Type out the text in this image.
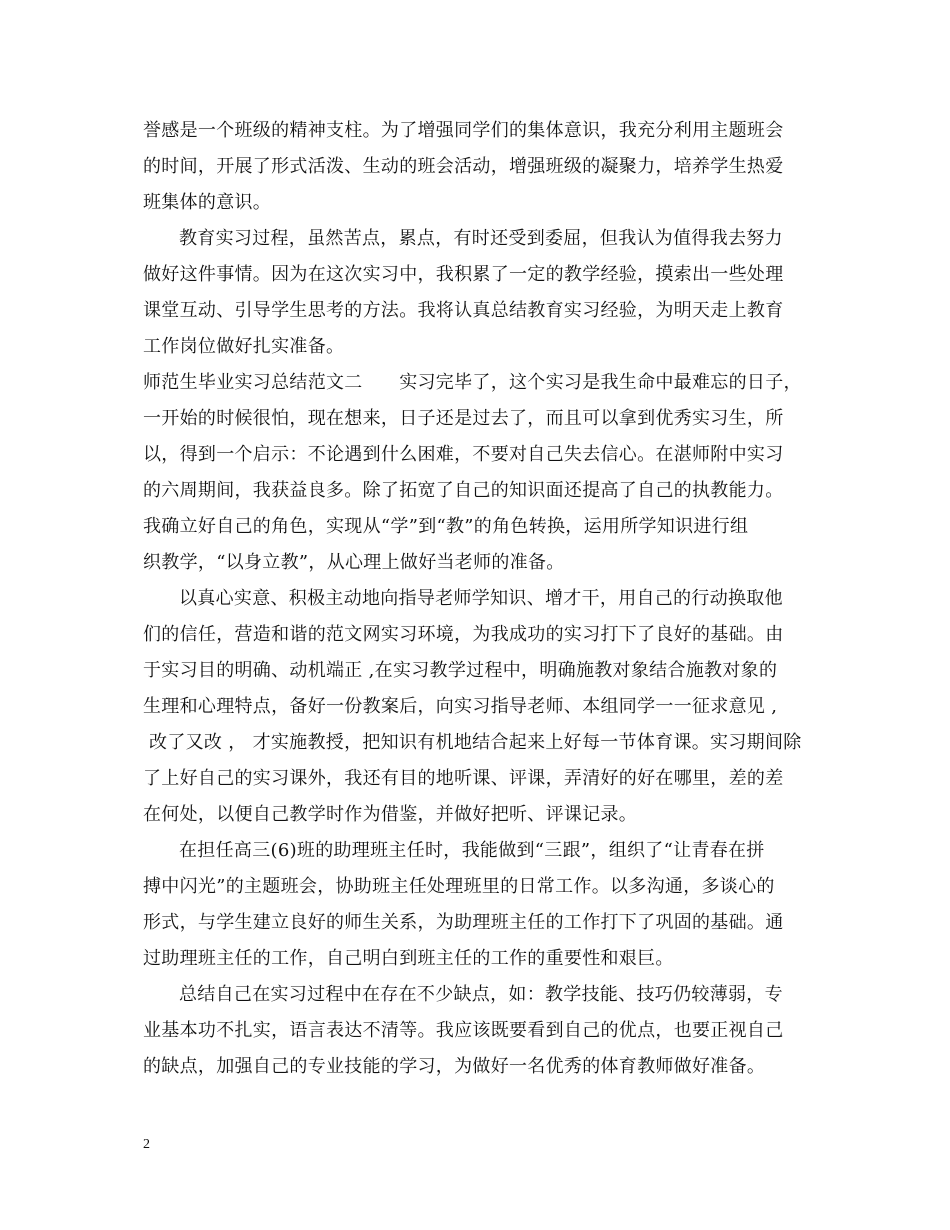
誉感是一个班级的精神支柱。为了增强同学们的集体意识，我充分利用主题班会
的时间，开展了形式活泼、生动的班会活动，增强班级的凝聚力，培养学生热爱
班集体的意识。
教育实习过程，虽然苦点，累点，有时还受到委屈，但我认为值得我去努力
做好这件事情。因为在这次实习中，我积累了一定的教学经验，摸索出一些处理
课堂互动、引导学生思考的方法。我将认真总结教育实习经验，为明天走上教育
工作岗位做好扎实准备。
师范生毕业实习总结范文二　　实习完毕了，这个实习是我生命中最难忘的日子，
一开始的时候很怕，现在想来，日子还是过去了，而且可以拿到优秀实习生，所
以，得到一个启示：不论遇到什么困难，不要对自己失去信心。在湛师附中实习
的六周期间，我获益良多。除了拓宽了自己的知识面还提高了自己的执教能力。
我确立好自己的角色，实现从“学”到“教”的角色转换，运用所学知识进行组
织教学，“以身立教”，从心理上做好当老师的准备。
以真心实意、积极主动地向指导老师学知识、增才干，用自己的行动换取他
们的信任，营造和谐的范文网实习环境，为我成功的实习打下了良好的基础。由
于实习目的明确、动机端正 ,在实习教学过程中，明确施教对象结合施教对象的
生理和心理特点，备好一份教案后，向实习指导老师、本组同学一一征求意见 ,
改了又改 ， 才实施教授，把知识有机地结合起来上好每一节体育课。实习期间除
了上好自己的实习课外，我还有目的地听课、评课，弄清好的好在哪里，差的差
在何处，以便自己教学时作为借鉴，并做好把听、评课记录。
在担任高三(6)班的助理班主任时，我能做到“三跟”，组织了“让青春在拼
搏中闪光”的主题班会，协助班主任处理班里的日常工作。以多沟通，多谈心的
形式，与学生建立良好的师生关系，为助理班主任的工作打下了巩固的基础。通
过助理班主任的工作，自己明白到班主任的工作的重要性和艰巨。
总结自己在实习过程中在存在不少缺点，如：教学技能、技巧仍较薄弱，专
业基本功不扎实，语言表达不清等。我应该既要看到自己的优点，也要正视自己
的缺点，加强自己的专业技能的学习，为做好一名优秀的体育教师做好准备。
2
